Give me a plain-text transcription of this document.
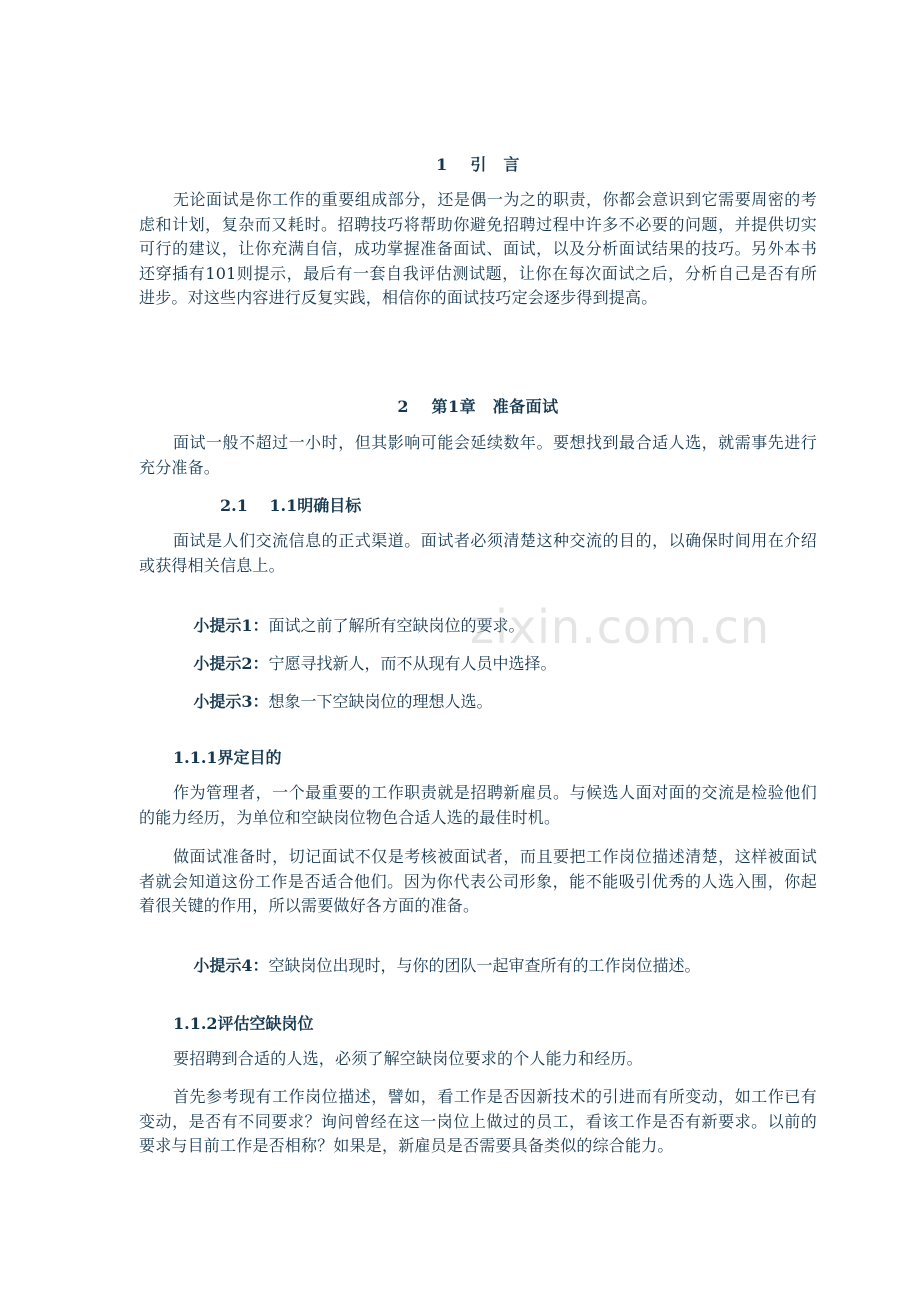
1　 引　言
无论面试是你工作的重要组成部分，还是偶一为之的职责，你都会意识到它需要周密的考虑和计划，复杂而又耗时。招聘技巧将帮助你避免招聘过程中许多不必要的问题，并提供切实可行的建议，让你充满自信，成功掌握准备面试、面试，以及分析面试结果的技巧。另外本书还穿插有101则提示，最后有一套自我评估测试题，让你在每次面试之后，分析自己是否有所进步。对这些内容进行反复实践，相信你的面试技巧定会逐步得到提高。
2　 第1章　准备面试
面试一般不超过一小时，但其影响可能会延续数年。要想找到最合适人选，就需事先进行充分准备。
2.1　 1.1明确目标
面试是人们交流信息的正式渠道。面试者必须清楚这种交流的目的，以确保时间用在介绍或获得相关信息上。

小提示1：面试之前了解所有空缺岗位的要求。

小提示2：宁愿寻找新人，而不从现有人员中选择。

小提示3：想象一下空缺岗位的理想人选。

1.1.1界定目的
作为管理者，一个最重要的工作职责就是招聘新雇员。与候选人面对面的交流是检验他们的能力经历，为单位和空缺岗位物色合适人选的最佳时机。
做面试准备时，切记面试不仅是考核被面试者，而且要把工作岗位描述清楚，这样被面试者就会知道这份工作是否适合他们。因为你代表公司形象，能不能吸引优秀的人选入围，你起着很关键的作用，所以需要做好各方面的准备。

小提示4：空缺岗位出现时，与你的团队一起审查所有的工作岗位描述。

1.1.2评估空缺岗位
要招聘到合适的人选，必须了解空缺岗位要求的个人能力和经历。
首先参考现有工作岗位描述，譬如，看工作是否因新技术的引进而有所变动，如工作已有变动，是否有不同要求？询问曾经在这一岗位上做过的员工，看该工作是否有新要求。以前的要求与目前工作是否相称？如果是，新雇员是否需要具备类似的综合能力。
zixin.com.cn
